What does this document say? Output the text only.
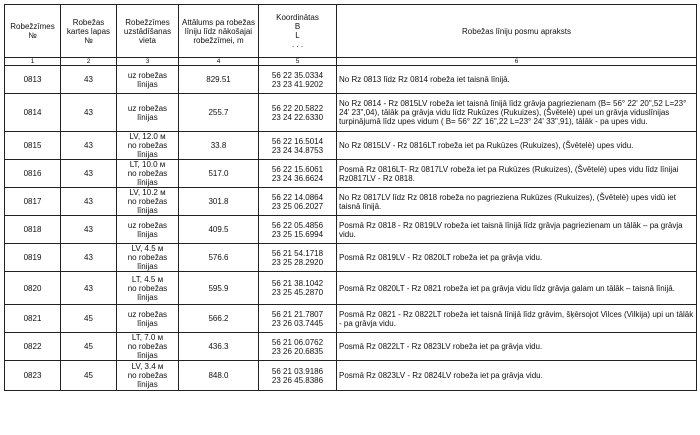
Robežzīmes №	Robežas kartes lapas №	Robežzīmes uzstādīšanas vieta	Attālums pa robežas līniju līdz nākošajai robežzīmei, m	Koordinātas
B
L
. . .	Robežas līniju posmu apraksts
1	2	3	4	5	6
0813	43	uz robežas
līnijas	829.51	56 22 35.0334
23 23 41.9202	No Rz 0813 līdz Rz 0814 robeža iet taisnā līnijā.
0814	43	uz robežas
līnijas	255.7	56 22 20.5822
23 24 22.6330	No Rz 0814 - Rz 0815LV robeža iet taisnā līnijā līdz grāvja pagriezienam (B= 56° 22' 20",52 L=23° 24' 23",04), tālāk pa grāvja vidu līdz Rukūzes (Rukuizes), (Švētelė) upei un grāvja viduslīnijas turpinājumā līdz upes vidum ( B= 56° 22' 16",22 L=23° 24' 33",91), tālāk - pa upes vidu.
0815	43	LV, 12.0 м
no robežas
līnijas	33.8	56 22 16.5014
23 24 34.8753	No Rz 0815LV - Rz 0816LT robeža iet pa Rukūzes (Rukuizes), (Švētelė) upes vidu.
0816	43	LT, 10.0 м
no robežas
līnijas	517.0	56 22 15.6061
23 24 36.6624	Posmā Rz 0816LT- Rz 0817LV robeža iet pa Rukūzes (Rukuizes), (Švētelė) upes vidu līdz līnijai Rz0817LV - Rz 0818.
0817	43	LV, 10.2 м
no robežas
līnijas	301.8	56 22 14.0864
23 25 06.2027	No Rz 0817LV līdz Rz 0818 robeža no pagrieziena Rukūzes (Rukuizes), (Švētelė) upes vidū iet taisnā līnijā.
0818	43	uz robežas
līnijas	409.5	56 22 05.4856
23 25 15.6994	Posmā Rz 0818 - Rz 0819LV robeža iet taisnā līnijā līdz grāvja pagriezienam un tālāk – pa grāvja vidu.
0819	43	LV, 4.5 м
no robežas
līnijas	576.6	56 21 54.1718
23 25 28.2920	Posmā Rz 0819LV - Rz 0820LT robeža iet pa grāvja vidu.
0820	43	LT, 4.5 м
no robežas
līnijas	595.9	56 21 38.1042
23 25 45.2870	Posmā Rz 0820LT - Rz 0821 robeža iet pa grāvja vidu līdz grāvja galam un tālāk – taisnā līnijā.
0821	45	uz robežas
līnijas	566.2	56 21 21.7807
23 26 03.7445	Posmā Rz 0821 - Rz 0822LT robeža iet taisnā līnijā līdz grāvim, šķērsojot Vilces (Vilkija) upi un tālāk - pa grāvja vidu.
0822	45	LT, 7.0 м
no robežas
līnijas	436.3	56 21 06.0762
23 26 20.6835	Posmā Rz 0822LT - Rz 0823LV robeža iet pa grāvja vidu.
0823	45	LV, 3.4 м
no robežas
līnijas	848.0	56 21 03.9186
23 26 45.8386	Posmā Rz 0823LV - Rz 0824LV robeža iet pa grāvja vidu.
